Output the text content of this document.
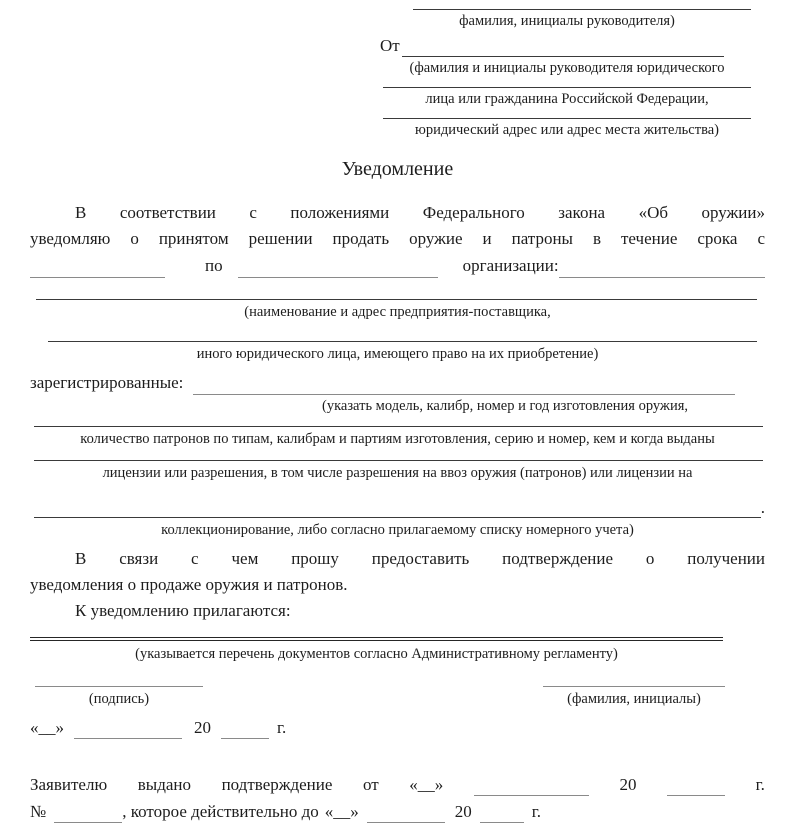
фамилия, инициалы руководителя)
От
(фамилия и инициалы руководителя юридического
лица или гражданина Российской Федерации,
юридический адрес или адрес места жительства)
Уведомление
В соответствии с положениями Федерального закона «Об оружии»
уведомляю о принятом решении продать оружие и патроны в течение срока с
по	организации:
(наименование и адрес предприятия-поставщика,
иного юридического лица, имеющего право на их приобретение)
зарегистрированные:
(указать модель, калибр, номер и год изготовления оружия,
количество патронов по типам, калибрам и партиям изготовления, серию и номер, кем и когда выданы
лицензии или разрешения, в том числе разрешения на ввоз оружия (патронов) или лицензии на
.
коллекционирование, либо согласно прилагаемому списку номерного учета)
В связи с чем прошу предоставить подтверждение о получении
уведомления о продаже оружия и патронов.
К уведомлению прилагаются:
(указывается перечень документов согласно Административному регламенту)
(подпись)	(фамилия, инициалы)
«__»	20	г.
Заявителю выдано подтверждение от «__»	20	г.
№	, которое действительно до «__»	20	г.
